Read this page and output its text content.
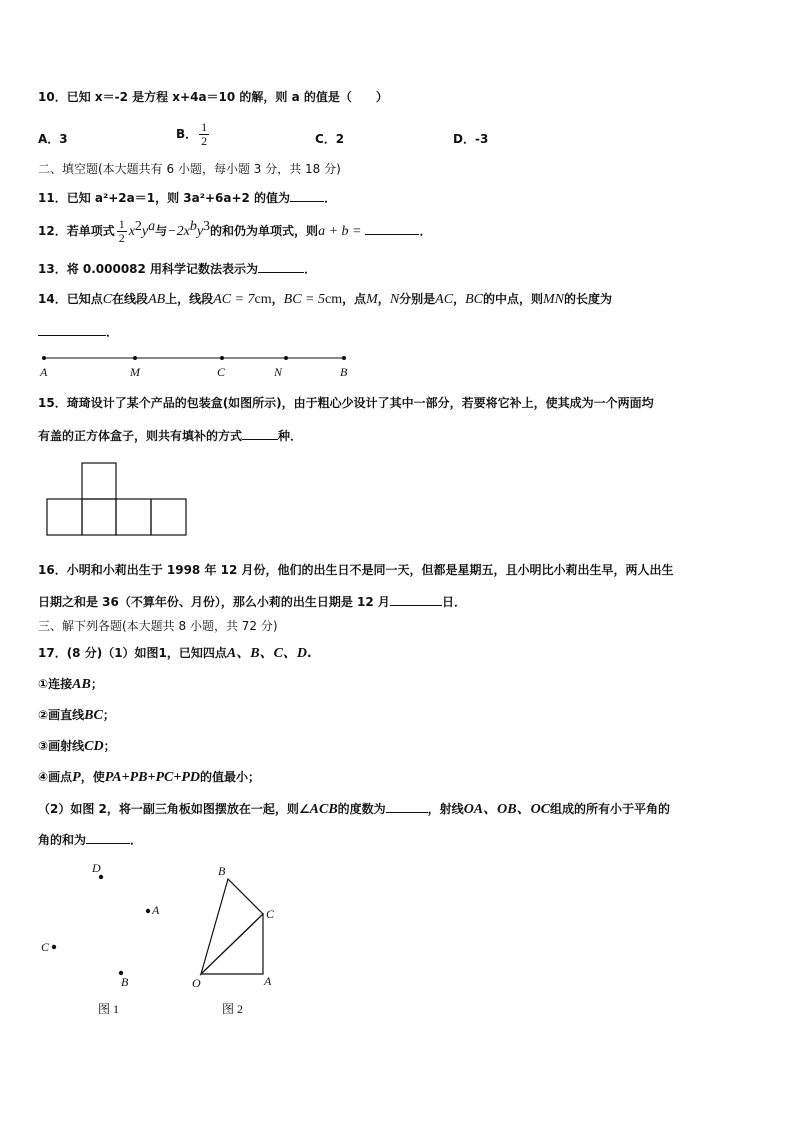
10．已知 x＝-2 是方程 x+4a＝10 的解，则 a 的值是（　　）
A．3	B． $\frac{1}{2}$	C．2	D．-3
二、填空题(本大题共有 6 小题，每小题 3 分，共 18 分)
11．已知 a²+2a＝1，则 3a²+6a+2 的值为	．
12．若单项式 $\frac{1}{2} x^2y^a$与$-2x^by^3$的和仍为单项式，则a + b =	．
13．将 0.000082 用科学记数法表示为	．
14．已知点C在线段AB上，线段AC = 7cm，BC = 5cm，点M，N分别是AC，BC的中点，则MN的长度为
．
A	M	C	N	B
15．琦琦设计了某个产品的包装盒(如图所示)，由于粗心少设计了其中一部分，若要将它补上，使其成为一个两面均
有盖的正方体盒子，则共有填补的方式	种．
16．小明和小莉出生于 1998 年 12 月份，他们的出生日不是同一天，但都是星期五，且小明比小莉出生早，两人出生
日期之和是 36（不算年份、月份），那么小莉的出生日期是 12 月	日．
三、解下列各题(本大题共 8 小题，共 72 分)
17．(8 分)（1）如图1，已知四点A、B、C、D.
①连接AB；
②画直线BC；
③画射线CD；
④画点P，使PA+PB+PC+PD的值最小；
（2）如图 2，将一副三角板如图摆放在一起，则∠ACB的度数为	，射线OA、OB、OC组成的所有小于平角的
角的和为	．
D
A
C
B
图 1
B
C
O	A
图 2
